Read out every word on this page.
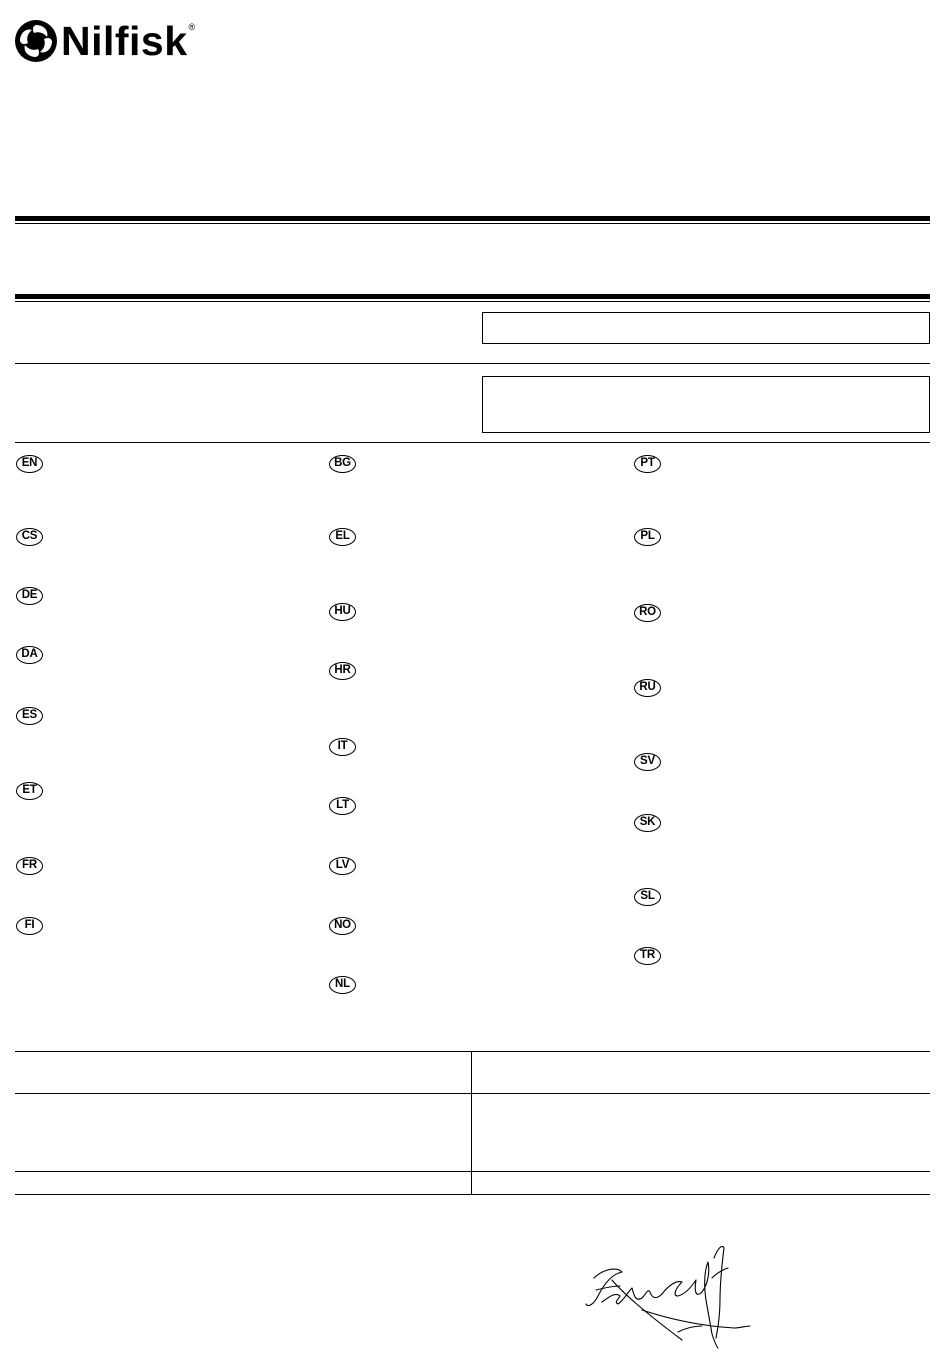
Nilfisk ®
EN
CS
DE
DA
ES
ET
FR
FI
BG
EL
HU
HR
IT
LT
LV
NO
NL
PT
PL
RO
RU
SV
SK
SL
TR
